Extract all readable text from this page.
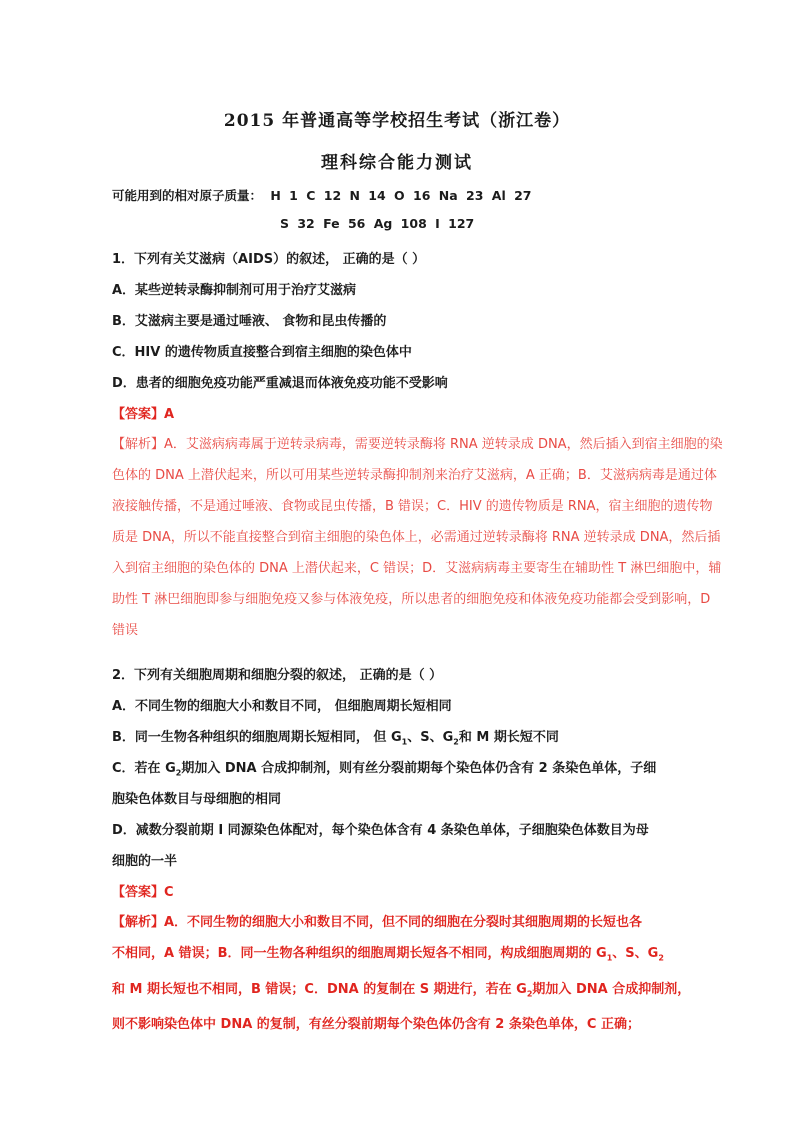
2015 年普通高等学校招生考试（浙江卷）
理科综合能力测试
可能用到的相对原子质量： H 1 C 12 N 14 O 16 Na 23 Al 27
S 32 Fe 56 Ag 108 I 127
1．下列有关艾滋病（AIDS）的叙述， 正确的是（ ）
A．某些逆转录酶抑制剂可用于治疗艾滋病
B．艾滋病主要是通过唾液、 食物和昆虫传播的
C．HIV 的遗传物质直接整合到宿主细胞的染色体中
D．患者的细胞免疫功能严重减退而体液免疫功能不受影响
【答案】A

【解析】A．艾滋病病毒属于逆转录病毒，需要逆转录酶将 RNA 逆转录成 DNA，然后插入到宿主细胞的染

色体的 DNA 上潜伏起来，所以可用某些逆转录酶抑制剂来治疗艾滋病，A 正确；B．艾滋病病毒是通过体

液接触传播，不是通过唾液、食物或昆虫传播，B 错误；C．HIV 的遗传物质是 RNA，宿主细胞的遗传物

质是 DNA，所以不能直接整合到宿主细胞的染色体上，必需通过逆转录酶将 RNA 逆转录成 DNA，然后插

入到宿主细胞的染色体的 DNA 上潜伏起来，C 错误；D．艾滋病病毒主要寄生在辅助性 T 淋巴细胞中，辅

助性 T 淋巴细胞即参与细胞免疫又参与体液免疫，所以患者的细胞免疫和体液免疫功能都会受到影响，D

错误

2．下列有关细胞周期和细胞分裂的叙述， 正确的是（ ）
A．不同生物的细胞大小和数目不同， 但细胞周期长短相同
B．同一生物各种组织的细胞周期长短相同， 但 $G_1$、S、$G_2$和 M 期长短不同
C．若在 $G_2$期加入 DNA 合成抑制剂，则有丝分裂前期每个染色体仍含有 2 条染色单体，子细
胞染色体数目与母细胞的相同
D．减数分裂前期 I 同源染色体配对，每个染色体含有 4 条染色单体，子细胞染色体数目为母
细胞的一半
【答案】C

【解析】A．不同生物的细胞大小和数目不同，但不同的细胞在分裂时其细胞周期的长短也各

不相同，A 错误；B．同一生物各种组织的细胞周期长短各不相同，构成细胞周期的 $G_1$、S、$G_2$

和 M 期长短也不相同，B 错误；C．DNA 的复制在 S 期进行，若在 $G_2$期加入 DNA 合成抑制剂，

则不影响染色体中 DNA 的复制，有丝分裂前期每个染色体仍含有 2 条染色单体，C 正确；
